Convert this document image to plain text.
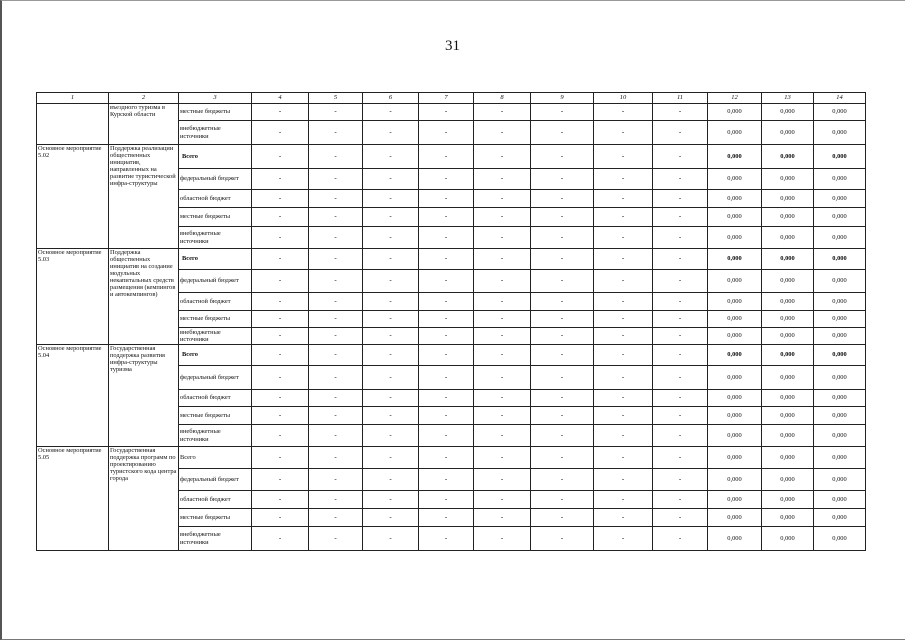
31
1	2	3	4	5	6	7	8	9	10	11	12	13	14
	въездного туризма в Курской области	местные бюджеты	-	-	-	-	-	-	-	-	0,000	0,000	0,000
		внебюджетные источники	-	-	-	-	-	-	-	-	0,000	0,000	0,000
Основное мероприятие 5.02	Поддержка реализации общественных инициатив, направленных на развитие туристической инфра-структуры	Всего	-	-	-	-	-	-	-	-	0,000	0,000	0,000
		федеральный бюджет	-	-	-	-	-	-	-	-	0,000	0,000	0,000
		областной бюджет	-	-	-	-	-	-	-	-	0,000	0,000	0,000
		местные бюджеты	-	-	-	-	-	-	-	-	0,000	0,000	0,000
		внебюджетные источники	-	-	-	-	-	-	-	-	0,000	0,000	0,000
Основное мероприятие 5.03	Поддержка общественных инициатив на создание модульных некапитальных средств размещения (кемпингов и автокемпингов)	Всего	-	-	-	-	-	-	-	-	0,000	0,000	0,000
		федеральный бюджет	-	-	-	-	-	-	-	-	0,000	0,000	0,000
		областной бюджет	-	-	-	-	-	-	-	-	0,000	0,000	0,000
		местные бюджеты	-	-	-	-	-	-	-	-	0,000	0,000	0,000
		внебюджетные источники	-	-	-	-	-	-	-	-	0,000	0,000	0,000
Основное мероприятие 5.04	Государственная поддержка развития инфра-структуры туризма	Всего	-	-	-	-	-	-	-	-	0,000	0,000	0,000
		федеральный бюджет	-	-	-	-	-	-	-	-	0,000	0,000	0,000
		областной бюджет	-	-	-	-	-	-	-	-	0,000	0,000	0,000
		местные бюджеты	-	-	-	-	-	-	-	-	0,000	0,000	0,000
		внебюджетные источники	-	-	-	-	-	-	-	-	0,000	0,000	0,000
Основное мероприятие 5.05	Государственная поддержка программ по проектированию туристского кода центра города	Всего	-	-	-	-	-	-	-	-	0,000	0,000	0,000
		федеральный бюджет	-	-	-	-	-	-	-	-	0,000	0,000	0,000
		областной бюджет	-	-	-	-	-	-	-	-	0,000	0,000	0,000
		местные бюджеты	-	-	-	-	-	-	-	-	0,000	0,000	0,000
		внебюджетные источники	-	-	-	-	-	-	-	-	0,000	0,000	0,000
